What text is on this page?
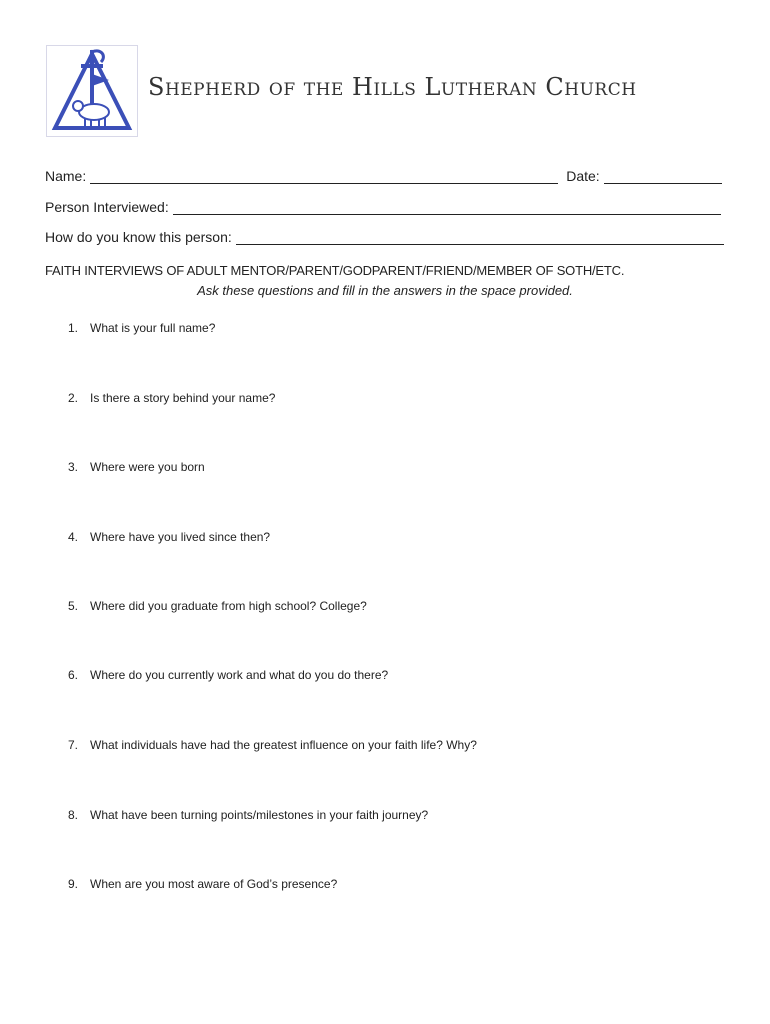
Shepherd of the Hills Lutheran Church
Name:	Date:
Person Interviewed:
How do you know this person:
FAITH INTERVIEWS OF ADULT MENTOR/PARENT/GODPARENT/FRIEND/MEMBER OF SOTH/ETC.
Ask these questions and fill in the answers in the space provided.
1. What is your full name?
2. Is there a story behind your name?
3. Where were you born
4. Where have you lived since then?
5. Where did you graduate from high school? College?
6. Where do you currently work and what do you do there?
7. What individuals have had the greatest influence on your faith life? Why?
8. What have been turning points/milestones in your faith journey?
9. When are you most aware of God’s presence?
